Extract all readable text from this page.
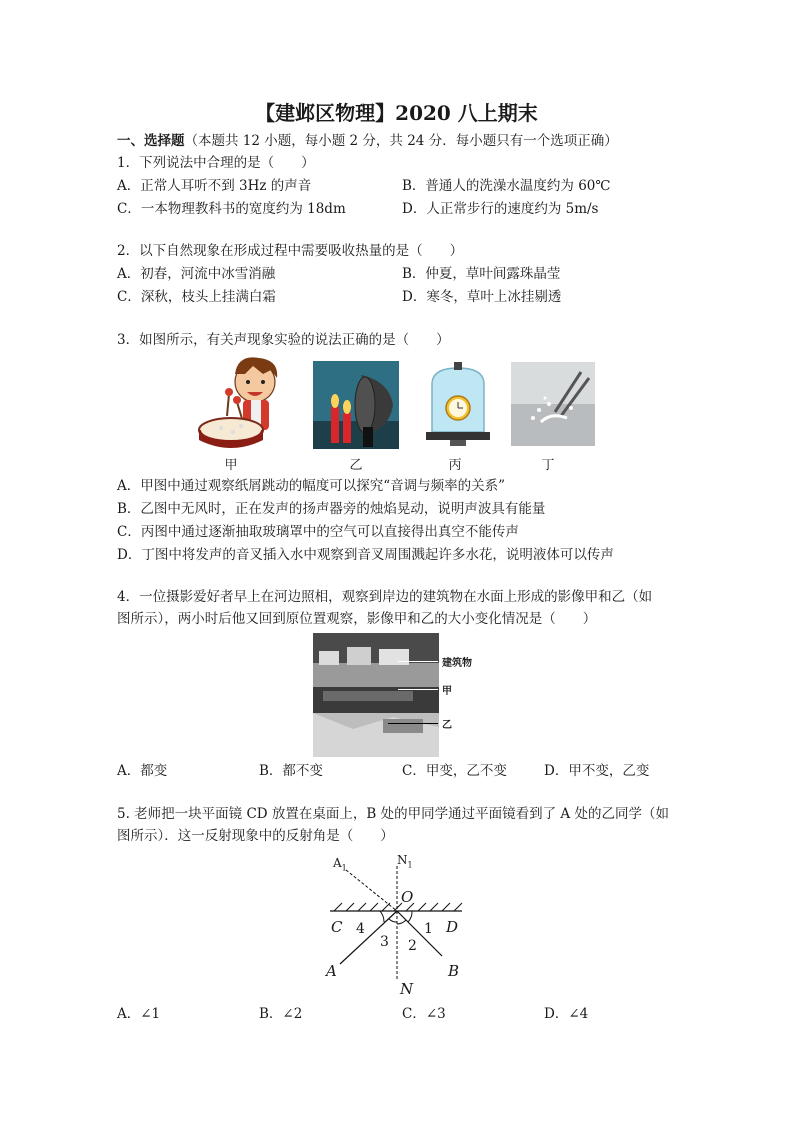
【建邺区物理】2020 八上期末
一、选择题（本题共 12 小题，每小题 2 分，共 24 分．每小题只有一个选项正确）
1．下列说法中合理的是（　　）
A．正常人耳听不到 3Hz 的声音	B．普通人的洗澡水温度约为 60℃
C．一本物理教科书的宽度约为 18dm	D．人正常步行的速度约为 5m/s
2．以下自然现象在形成过程中需要吸收热量的是（　　）
A．初春，河流中冰雪消融	B．仲夏，草叶间露珠晶莹
C．深秋，枝头上挂满白霜	D．寒冬，草叶上冰挂剔透
3．如图所示，有关声现象实验的说法正确的是（　　）
甲	乙	丙	丁
A．甲图中通过观察纸屑跳动的幅度可以探究“音调与频率的关系”
B．乙图中无风时，正在发声的扬声器旁的烛焰晃动，说明声波具有能量
C．丙图中通过逐渐抽取玻璃罩中的空气可以直接得出真空不能传声
D．丁图中将发声的音叉插入水中观察到音叉周围溅起许多水花，说明液体可以传声
4．一位摄影爱好者早上在河边照相，观察到岸边的建筑物在水面上形成的影像甲和乙（如
图所示），两小时后他又回到原位置观察，影像甲和乙的大小变化情况是（　　）
建筑物
甲
乙
A．都变	B．都不变	C．甲变，乙不变	D．甲不变，乙变
5. 老师把一块平面镜 CD 放置在桌面上，B 处的甲同学通过平面镜看到了 A 处的乙同学（如
图所示）．这一反射现象中的反射角是（　　）
$A_1$
$N_1$
O
C	D
4
3 2
1
A	B
N
A．∠1	B．∠2	C．∠3	D．∠4
